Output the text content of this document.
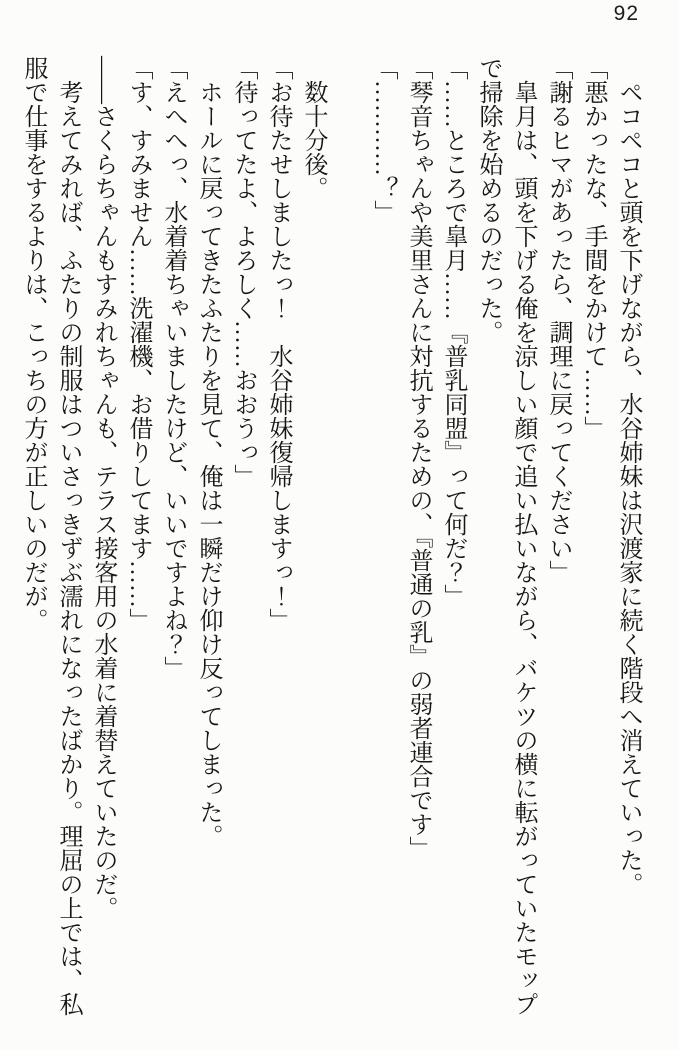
92

ペコペコと頭を下げながら、水谷姉妹は沢渡家に続く階段へ消えていった。

「悪かったな、手間をかけて……」

「謝るヒマがあったら、調理に戻ってください」

皐月は、頭を下げる俺を涼しい顔で追い払いながら、バケツの横に転がっていたモップで掃除を始めるのだった。

「……ところで皐月……『普乳同盟』って何だ？」

「琴音ちゃんや美里さんに対抗するための、『普通の乳』の弱者連合です」

「…………？」

数十分後。

「お待たせしましたっ！　水谷姉妹復帰しますっ！」

「待ってたよ、よろしく……おおうっ」

ホールに戻ってきたふたりを見て、俺は一瞬だけ仰け反ってしまった。

「えへへっ、水着着ちゃいましたけど、いいですよね？」

「す、すみません……洗濯機、お借りしてます……」

――さくらちゃんもすみれちゃんも、テラス接客用の水着に着替えていたのだ。

考えてみれば、ふたりの制服はついさっきずぶ濡れになったばかり。理屈の上では、私服で仕事をするよりは、こっちの方が正しいのだが。
